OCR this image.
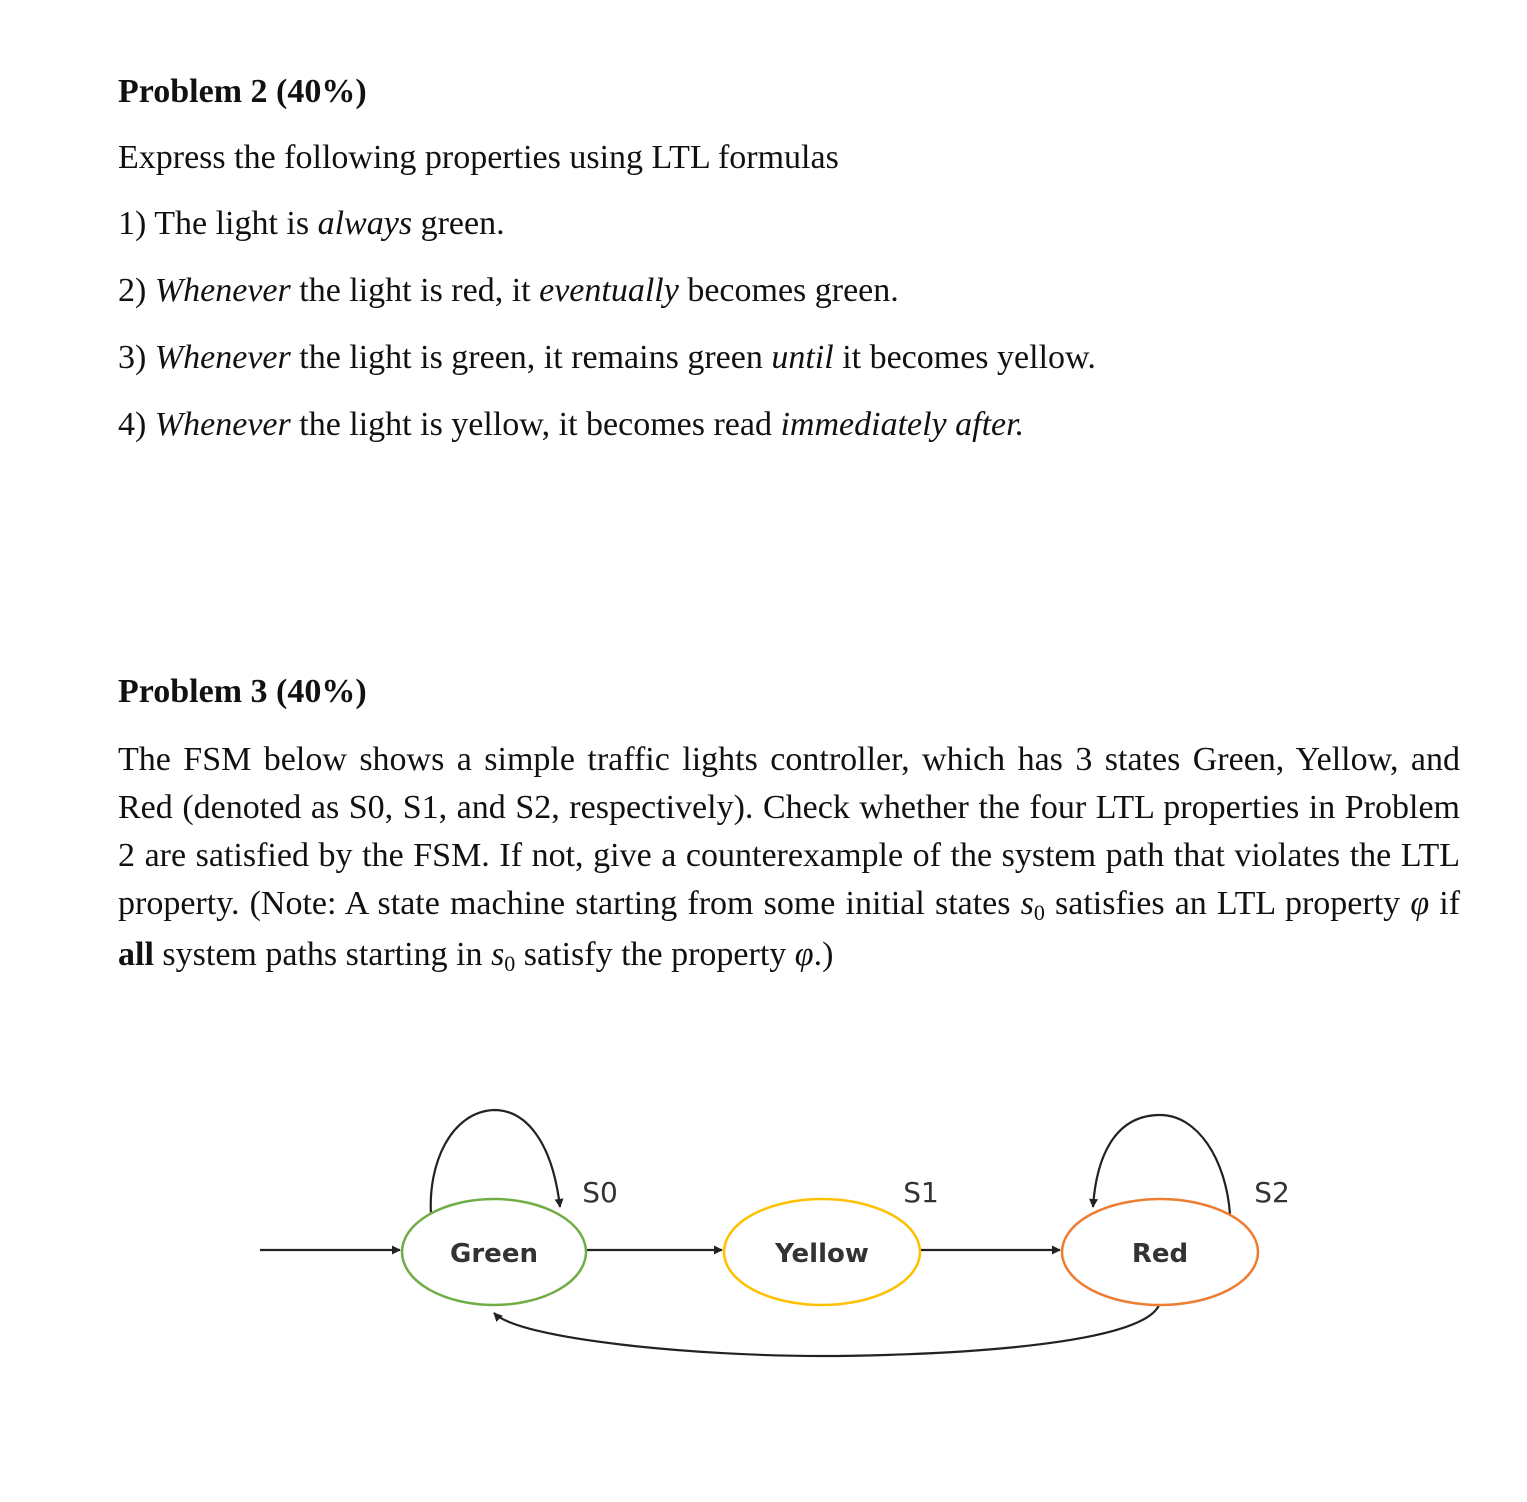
Problem 2 (40%)

Express the following properties using LTL formulas

1) The light is always green.

2) Whenever the light is red, it eventually becomes green.

3) Whenever the light is green, it remains green until it becomes yellow.

4) Whenever the light is yellow, it becomes read immediately after.

Problem 3 (40%)

The FSM below shows a simple traffic lights controller, which has 3 states Green, Yellow, and Red (denoted as S0, S1, and S2, respectively). Check whether the four LTL properties in Problem 2 are satisfied by the FSM. If not, give a counterexample of the system path that violates the LTL property. (Note: A state machine starting from some initial states s0 satisfies an LTL property φ if all system paths starting in s0 satisfy the property φ.)

Green	Yellow	Red
S0	S1	S2
